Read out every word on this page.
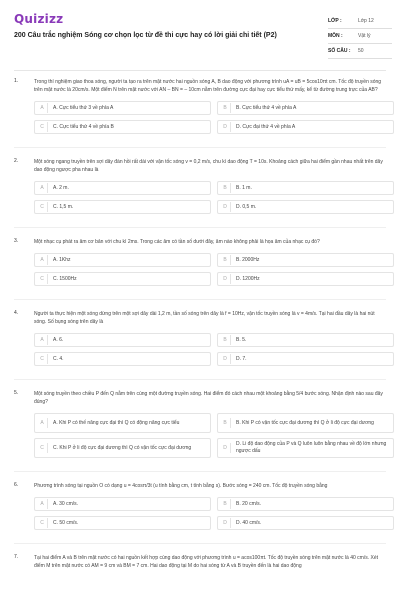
Quizizz
200 Câu trắc nghiệm Sóng cơ chọn lọc từ đề thi cực hay có lời giải chi tiết (P2)
LỚP :	Lớp 12
MÔN :	Vật lý
SỐ CÂU :	50
1.	Trong thí nghiệm giao thoa sóng, người ta tạo ra trên mặt nước hai nguồn sóng A, B dao động với phương trình uA = uB = 5cos10πt cm. Tốc độ truyền sóng trên mặt nước là 20cm/s. Một điểm N trên mặt nước với AN – BN = – 10cm nằm trên đường cực đại hay cực tiểu thứ mấy, kể từ đường trung trực của AB?
A	A. Cực tiểu thứ 3 về phía A	B	B. Cực tiểu thứ 4 về phía A
C	C. Cực tiểu thứ 4 về phía B	D	D. Cực đại thứ 4 về phía A
2.	Một sóng ngang truyền trên sợi dây đàn hồi rất dài với vận tốc sóng v = 0,2 m/s, chu kì dao động T = 10s. Khoảng cách giữa hai điểm gần nhau nhất trên dây dao động ngược pha nhau là
A	A. 2 m.	B	B. 1 m.
C	C. 1,5 m.	D	D. 0,5 m.
3.	Một nhạc cụ phát ra âm cơ bản với chu kì 2ms. Trong các âm có tần số dưới đây, âm nào không phải là họa âm của nhạc cụ đó?
A	A. 1Khz	B	B. 2000Hz
C	C. 1500Hz	D	D. 1200Hz
4.	Người ta thực hiện một sóng dừng trên một sợi dây dài 1,2 m, tần số sóng trên dây là f = 10Hz, vận tốc truyền sóng là v = 4m/s. Tại hai đầu dây là hai nút sóng. Số bụng sóng trên dây là
A	A. 6.	B	B. 5.
C	C. 4.	D	D. 7.
5.	Một sóng truyền theo chiều P đến Q nằm trên cùng một đường truyền sóng. Hai điểm đó cách nhau một khoảng bằng 5/4 bước sóng. Nhận định nào sau đây đúng?
A	A. Khi P có thế năng cực đại thì Q có động năng cực tiểu	B	B. Khi P có vận tốc cực đại dương thì Q ở li độ cực đại dương
C	C. Khi P ở li độ cực đại dương thì Q có vận tốc cực đại dương	D
D. Li độ dao động của P và Q luôn luôn bằng nhau về độ lớn nhưng ngược dấu
6.	Phương trình sóng tại nguồn O có dạng u = 4cosπ/3t (u tính bằng cm, t tính bằng s). Bước sóng = 240 cm. Tốc độ truyền sóng bằng
A	A. 30 cm/s.	B	B. 20 cm/s.
C	C. 50 cm/s.	D	D. 40 cm/s.
7.	Tại hai điểm A và B trên mặt nước có hai nguồn kết hợp cùng dao động với phương trình u = acos100πt. Tốc độ truyền sóng trên mặt nước là 40 cm/s. Xét điểm M trên mặt nước có AM = 9 cm và BM = 7 cm. Hai dao động tại M do hai sóng từ A và B truyền đến là hai dao động
